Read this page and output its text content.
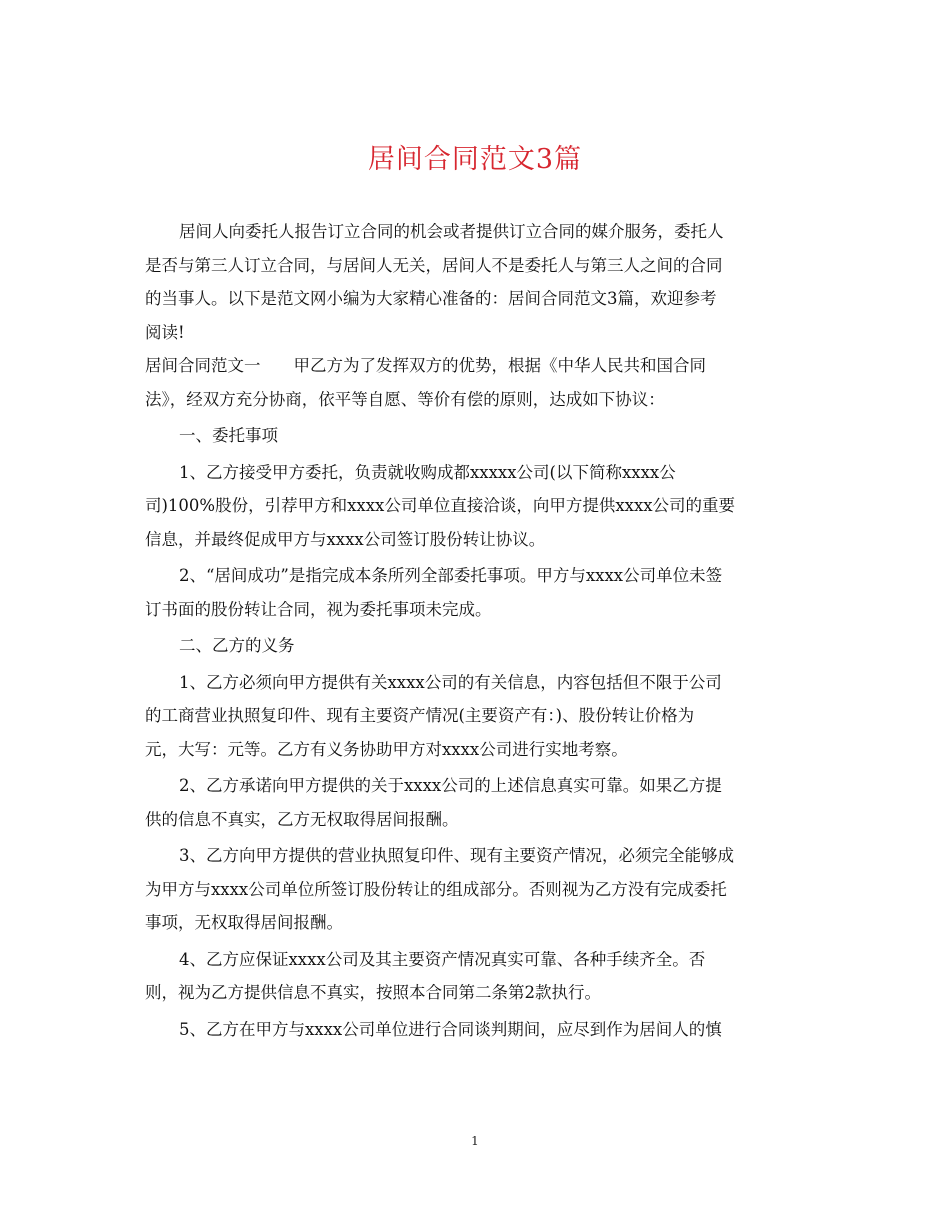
居间合同范文3篇
居间人向委托人报告订立合同的机会或者提供订立合同的媒介服务，委托人
是否与第三人订立合同，与居间人无关，居间人不是委托人与第三人之间的合同
的当事人。以下是范文网小编为大家精心准备的：居间合同范文3篇，欢迎参考
阅读!
居间合同范文一　　甲乙方为了发挥双方的优势，根据《中华人民共和国合同
法》，经双方充分协商，依平等自愿、等价有偿的原则，达成如下协议：
一、委托事项
1、乙方接受甲方委托，负责就收购成都xxxxx公司(以下简称xxxx公
司)100%股份，引荐甲方和xxxx公司单位直接洽谈，向甲方提供xxxx公司的重要
信息，并最终促成甲方与xxxx公司签订股份转让协议。
2、“居间成功”是指完成本条所列全部委托事项。甲方与xxxx公司单位未签
订书面的股份转让合同，视为委托事项未完成。
二、乙方的义务
1、乙方必须向甲方提供有关xxxx公司的有关信息，内容包括但不限于公司
的工商营业执照复印件、现有主要资产情况(主要资产有：)、股份转让价格为
元，大写：元等。乙方有义务协助甲方对xxxx公司进行实地考察。
2、乙方承诺向甲方提供的关于xxxx公司的上述信息真实可靠。如果乙方提
供的信息不真实，乙方无权取得居间报酬。
3、乙方向甲方提供的营业执照复印件、现有主要资产情况，必须完全能够成
为甲方与xxxx公司单位所签订股份转让的组成部分。否则视为乙方没有完成委托
事项，无权取得居间报酬。
4、乙方应保证xxxx公司及其主要资产情况真实可靠、各种手续齐全。否
则，视为乙方提供信息不真实，按照本合同第二条第2款执行。
5、乙方在甲方与xxxx公司单位进行合同谈判期间，应尽到作为居间人的慎
1
